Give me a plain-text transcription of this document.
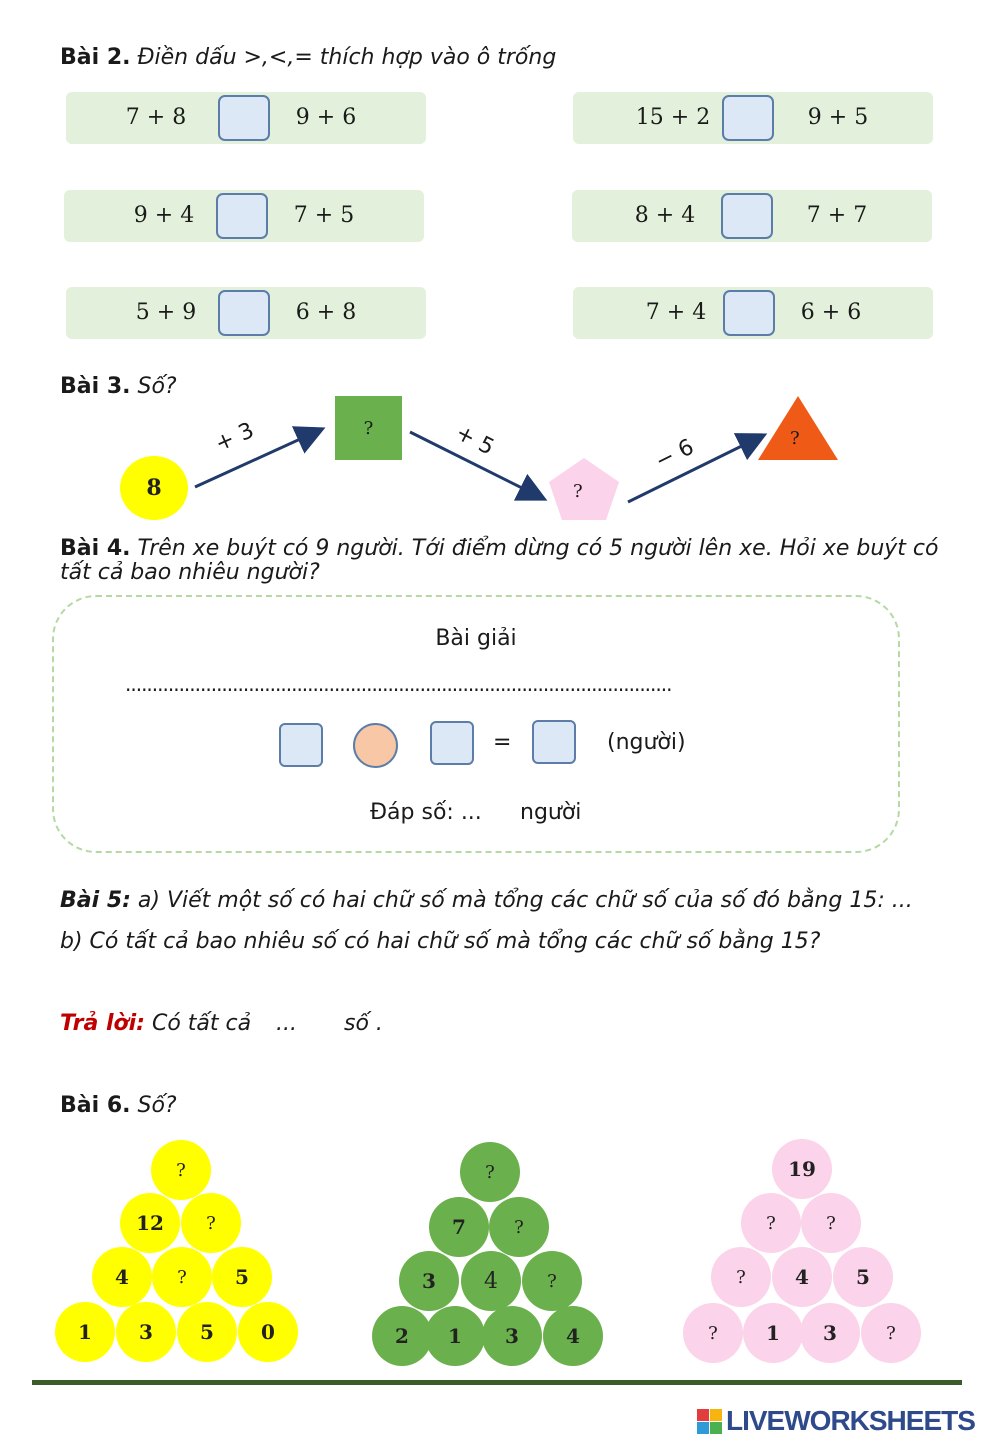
Bài 2. Điền dấu >,<,= thích hợp vào ô trống
7 + 8	9 + 6	15 + 2	9 + 5
9 + 4	7 + 5	8 + 4	7 + 7
5 + 9	6 + 8	7 + 4	6 + 6
Bài 3. Số?
8
+ 3	?	+ 5
?
− 6	?
Bài 4. Trên xe buýt có 9 người. Tới điểm dừng có 5 người lên xe. Hỏi xe buýt có
tất cả bao nhiêu người?
Bài giải
......................................................................................................
=	(người)
Đáp số: ... người
Bài 5: a) Viết một số có hai chữ số mà tổng các chữ số của số đó bằng 15: ...
b) Có tất cả bao nhiêu số có hai chữ số mà tổng các chữ số bằng 15?
Trả lời: Có tất cả ... số .
Bài 6. Số?
?
12	?
4	?	5
1	3	5	0
?
7	?
3	4	?
2	1	3	4
19
?	?
?	4	5
?	1	3	?
LIVEWORKSHEETS
